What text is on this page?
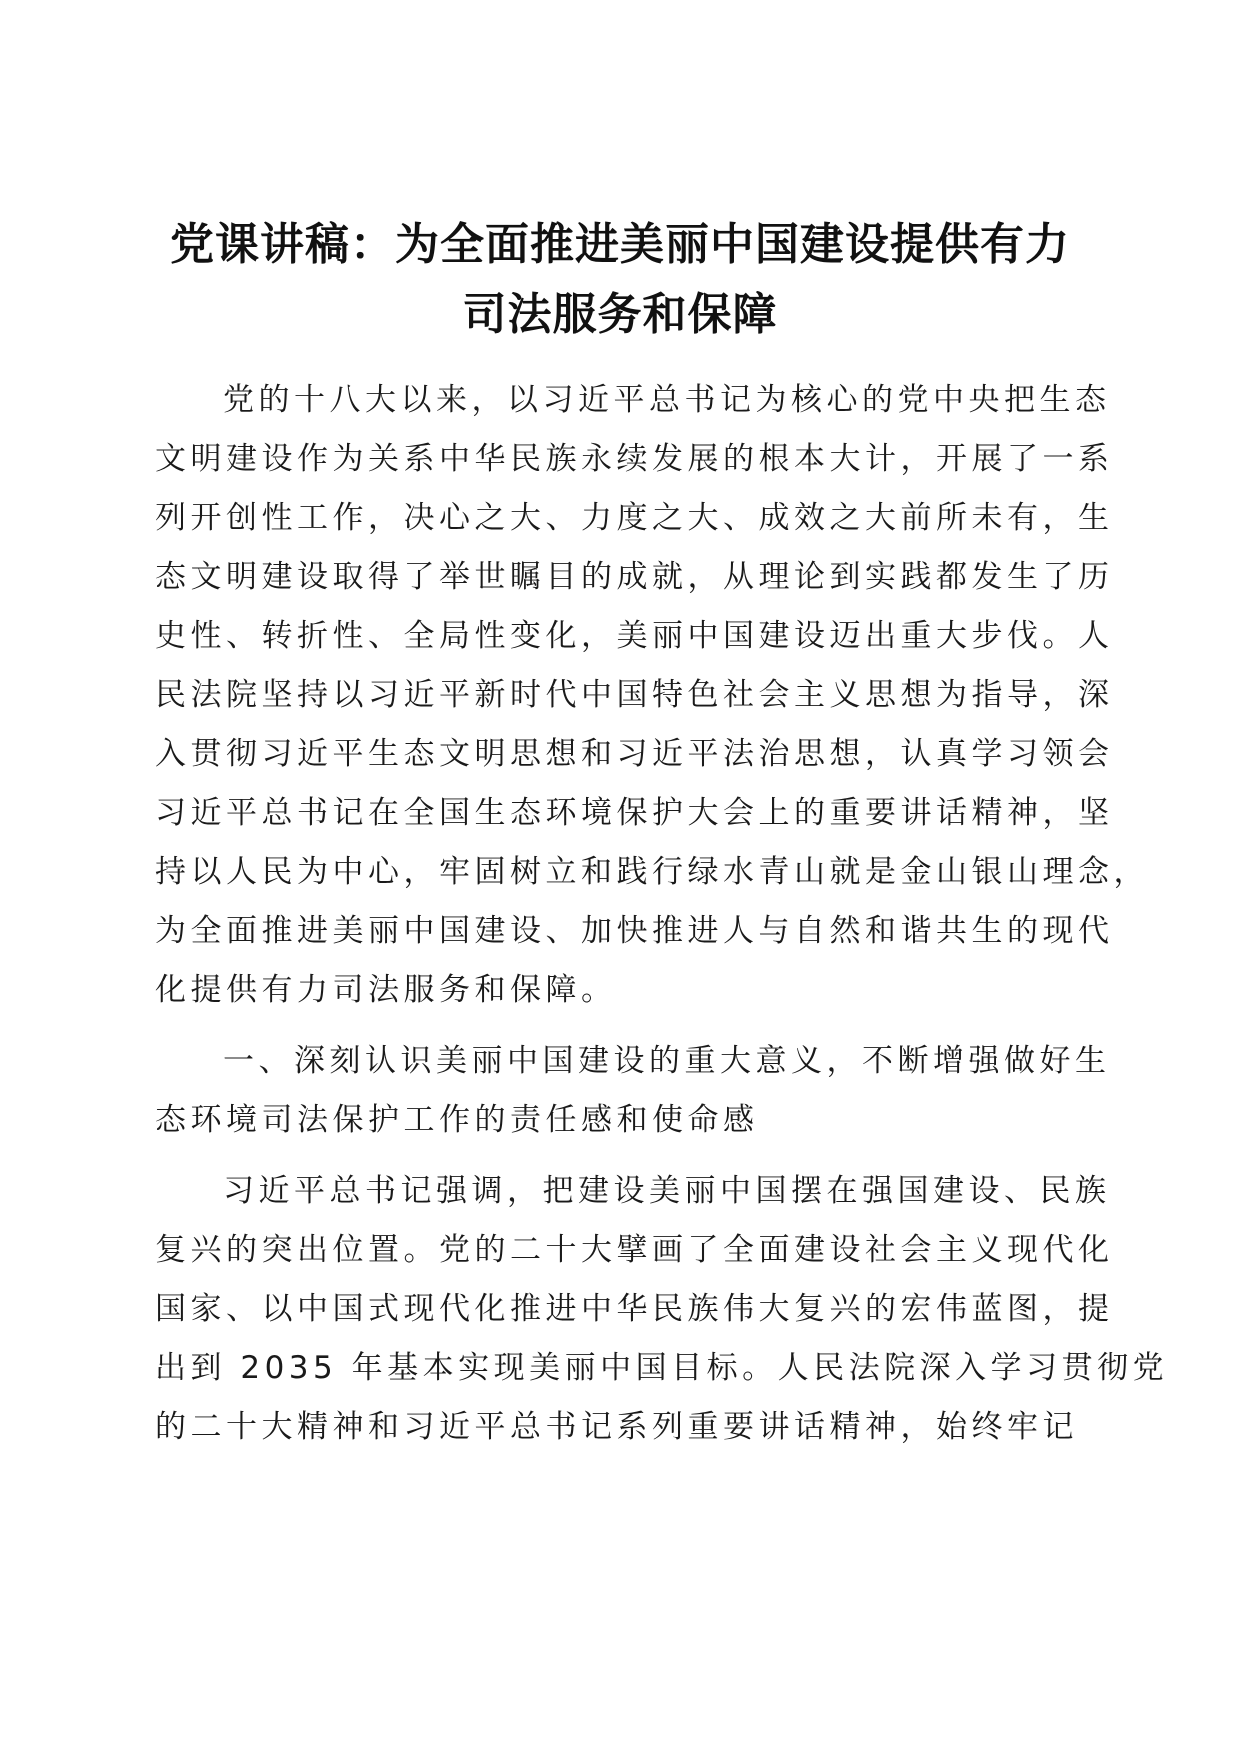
党课讲稿：为全面推进美丽中国建设提供有力
司法服务和保障
党的十八大以来，以习近平总书记为核心的党中央把生态
文明建设作为关系中华民族永续发展的根本大计，开展了一系
列开创性工作，决心之大、力度之大、成效之大前所未有，生
态文明建设取得了举世瞩目的成就，从理论到实践都发生了历
史性、转折性、全局性变化，美丽中国建设迈出重大步伐。人
民法院坚持以习近平新时代中国特色社会主义思想为指导，深
入贯彻习近平生态文明思想和习近平法治思想，认真学习领会
习近平总书记在全国生态环境保护大会上的重要讲话精神，坚
持以人民为中心，牢固树立和践行绿水青山就是金山银山理念，
为全面推进美丽中国建设、加快推进人与自然和谐共生的现代
化提供有力司法服务和保障。
一、深刻认识美丽中国建设的重大意义，不断增强做好生
态环境司法保护工作的责任感和使命感
习近平总书记强调，把建设美丽中国摆在强国建设、民族
复兴的突出位置。党的二十大擘画了全面建设社会主义现代化
国家、以中国式现代化推进中华民族伟大复兴的宏伟蓝图，提
出到 2035 年基本实现美丽中国目标。人民法院深入学习贯彻党
的二十大精神和习近平总书记系列重要讲话精神，始终牢记
